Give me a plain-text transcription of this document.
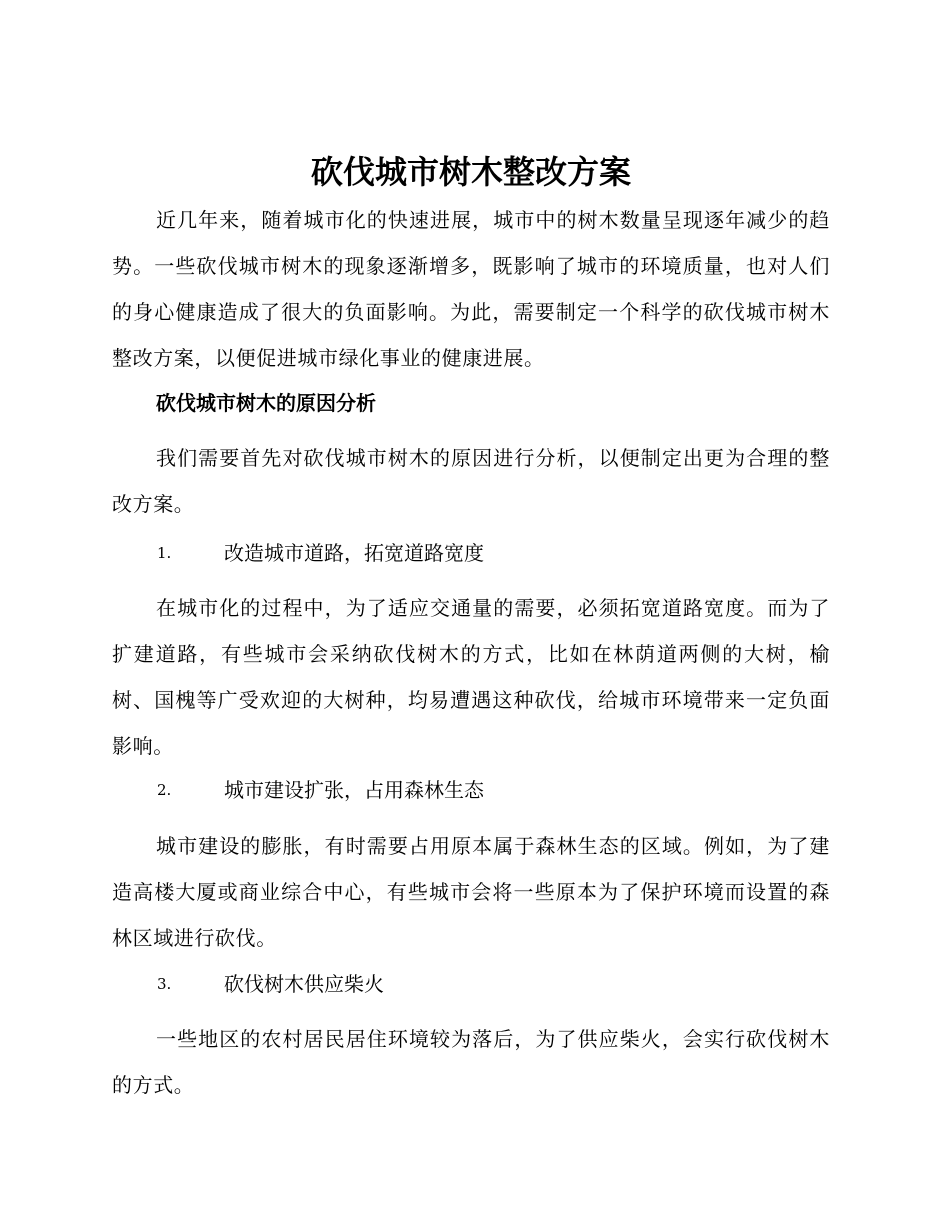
砍伐城市树木整改方案

近几年来，随着城市化的快速进展，城市中的树木数量呈现逐年减少的趋势。一些砍伐城市树木的现象逐渐增多，既影响了城市的环境质量，也对人们的身心健康造成了很大的负面影响。为此，需要制定一个科学的砍伐城市树木整改方案，以便促进城市绿化事业的健康进展。

砍伐城市树木的原因分析

我们需要首先对砍伐城市树木的原因进行分析，以便制定出更为合理的整改方案。

1.	改造城市道路，拓宽道路宽度

在城市化的过程中，为了适应交通量的需要，必须拓宽道路宽度。而为了扩建道路，有些城市会采纳砍伐树木的方式，比如在林荫道两侧的大树，榆树、国槐等广受欢迎的大树种，均易遭遇这种砍伐，给城市环境带来一定负面影响。

2.	城市建设扩张，占用森林生态

城市建设的膨胀，有时需要占用原本属于森林生态的区域。例如，为了建造高楼大厦或商业综合中心，有些城市会将一些原本为了保护环境而设置的森林区域进行砍伐。

3.	砍伐树木供应柴火

一些地区的农村居民居住环境较为落后，为了供应柴火，会实行砍伐树木的方式。
